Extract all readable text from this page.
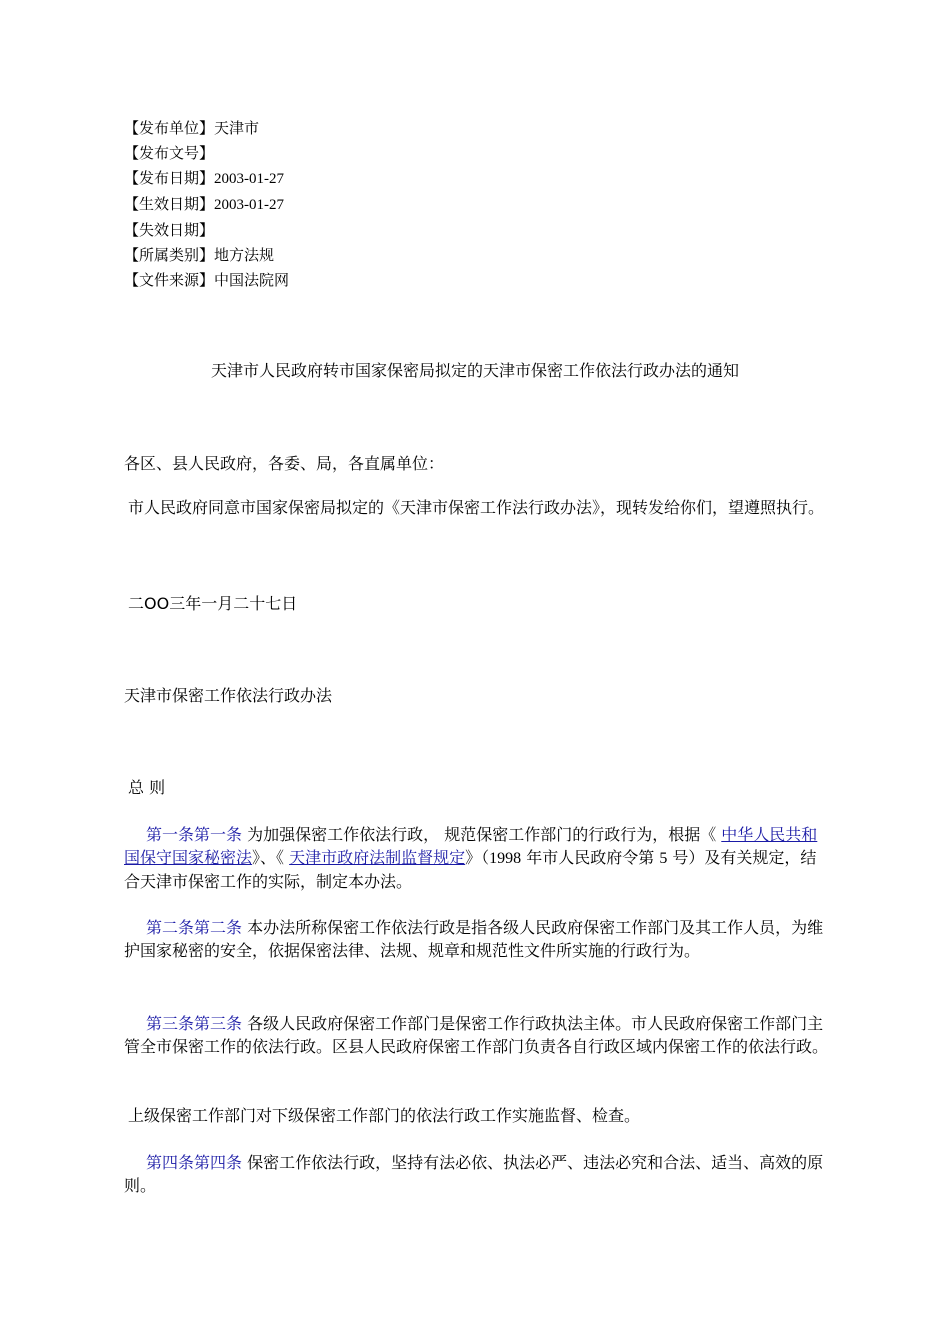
【发布单位】天津市
【发布文号】
【发布日期】2003-01-27
【生效日期】2003-01-27
【失效日期】
【所属类别】地方法规
【文件来源】中国法院网
天津市人民政府转市国家保密局拟定的天津市保密工作依法行政办法的通知
各区、县人民政府，各委、局，各直属单位：
市人民政府同意市国家保密局拟定的《天津市保密工作法行政办法》，现转发给你们，望遵照执行。
二OO三年一月二十七日
天津市保密工作依法行政办法
总 则
第一条第一条 为加强保密工作依法行政， 规范保密工作部门的行政行为，根据《 中华人民共和国保守国家秘密法》、《 天津市政府法制监督规定》（1998 年市人民政府令第 5 号）及有关规定，结合天津市保密工作的实际，制定本办法。
第二条第二条 本办法所称保密工作依法行政是指各级人民政府保密工作部门及其工作人员，为维护国家秘密的安全，依据保密法律、法规、规章和规范性文件所实施的行政行为。
第三条第三条 各级人民政府保密工作部门是保密工作行政执法主体。市人民政府保密工作部门主管全市保密工作的依法行政。区县人民政府保密工作部门负责各自行政区域内保密工作的依法行政。
上级保密工作部门对下级保密工作部门的依法行政工作实施监督、检查。
第四条第四条 保密工作依法行政，坚持有法必依、执法必严、违法必究和合法、适当、高效的原则。
